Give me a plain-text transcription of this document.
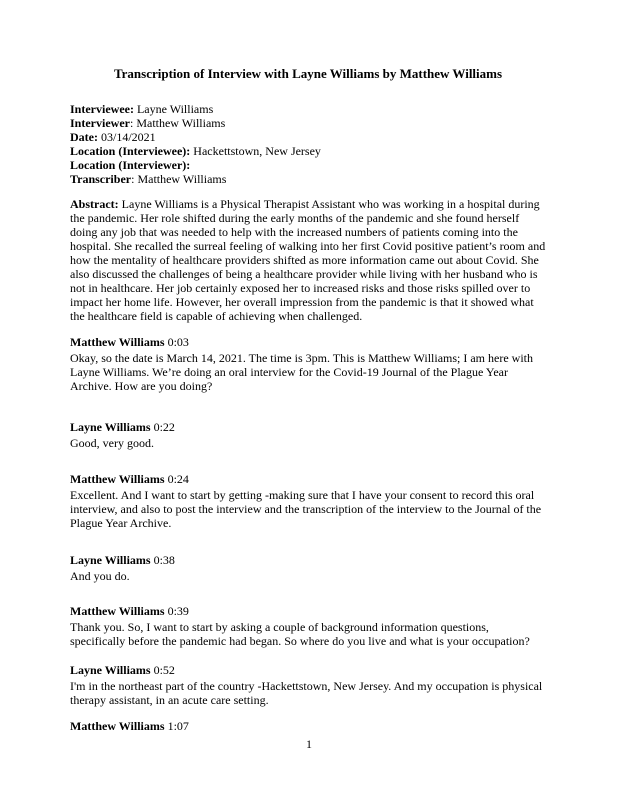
Transcription of Interview with Layne Williams by Matthew Williams
Interviewee: Layne Williams
Interviewer: Matthew Williams
Date: 03/14/2021
Location (Interviewee): Hackettstown, New Jersey
Location (Interviewer):
Transcriber: Matthew Williams

Abstract: Layne Williams is a Physical Therapist Assistant who was working in a hospital during the pandemic. Her role shifted during the early months of the pandemic and she found herself doing any job that was needed to help with the increased numbers of patients coming into the hospital. She recalled the surreal feeling of walking into her first Covid positive patient’s room and how the mentality of healthcare providers shifted as more information came out about Covid. She also discussed the challenges of being a healthcare provider while living with her husband who is not in healthcare. Her job certainly exposed her to increased risks and those risks spilled over to impact her home life. However, her overall impression from the pandemic is that it showed what the healthcare field is capable of achieving when challenged.

Matthew Williams 0:03
Okay, so the date is March 14, 2021. The time is 3pm. This is Matthew Williams; I am here with Layne Williams. We’re doing an oral interview for the Covid-19 Journal of the Plague Year Archive. How are you doing?
Layne Williams 0:22
Good, very good.
Matthew Williams 0:24
Excellent. And I want to start by getting -making sure that I have your consent to record this oral interview, and also to post the interview and the transcription of the interview to the Journal of the Plague Year Archive.
Layne Williams 0:38
And you do.
Matthew Williams 0:39
Thank you. So, I want to start by asking a couple of background information questions, specifically before the pandemic had began. So where do you live and what is your occupation?
Layne Williams 0:52
I'm in the northeast part of the country -Hackettstown, New Jersey. And my occupation is physical therapy assistant, in an acute care setting.
Matthew Williams 1:07
1
